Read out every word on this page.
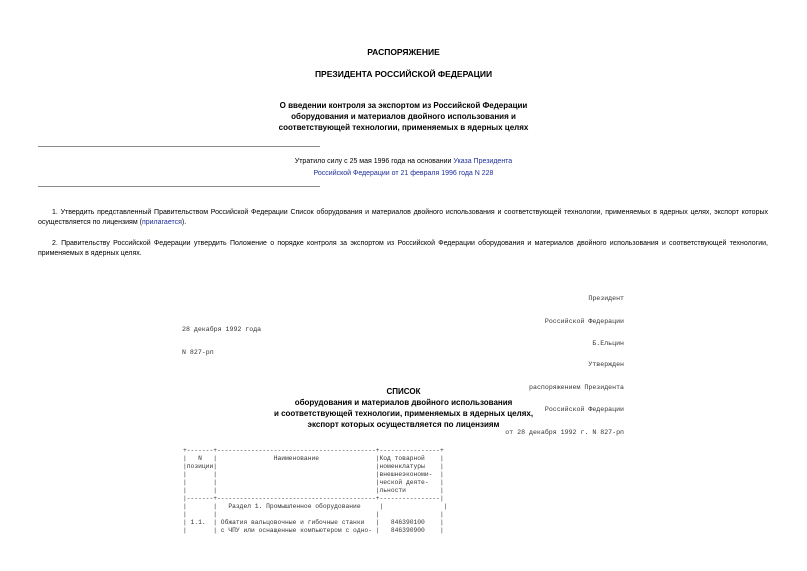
РАСПОРЯЖЕНИЕ
ПРЕЗИДЕНТА РОССИЙСКОЙ ФЕДЕРАЦИИ
О введении контроля за экспортом из Российской Федерации
оборудования и материалов двойного использования и
соответствующей технологии, применяемых в ядерных целях
Утратило силу с 25 мая 1996 года на основании Указа Президента
Российской Федерации от 21 февраля 1996 года N 228
1. Утвердить представленный Правительством Российской Федерации Список оборудования и материалов двойного использования и соответствующей технологии, применяемых в ядерных целях, экспорт которых осуществляется по лицензиям (прилагается).
2. Правительству Российской Федерации утвердить Положение о порядке контроля за экспортом из Российской Федерации оборудования и материалов двойного использования и соответствующей технологии, применяемых в ядерных целях.

Президент

Российской Федерации

Б.Ельцин

28 декабря 1992 года

N 827-рп

Утвержден

распоряжением Президента

Российской Федерации

от 28 декабря 1992 г. N 827-рп

СПИСОК
оборудования и материалов двойного использования
и соответствующей технологии, применяемых в ядерных целях,
экспорт которых осуществляется по лицензиям
+-------+------------------------------------------+----------------+
|   N   |               Наименование               |Код товарной    |
|позиции|                                          |номенклатуры    |
|       |                                          |внешнеэкономи-  |
|       |                                          |ческой деяте-   |
|       |                                          |льности         |
|-------+------------------------------------------+----------------|
|       |   Раздел 1. Промышленное оборудование     |                |
|       |                                          |                |
| 1.1.  | Обжатия вальцовочные и гибочные станки   |   846390100    |
|       | с ЧПУ или оснащенные компьютером с одно- |   846390900    |
